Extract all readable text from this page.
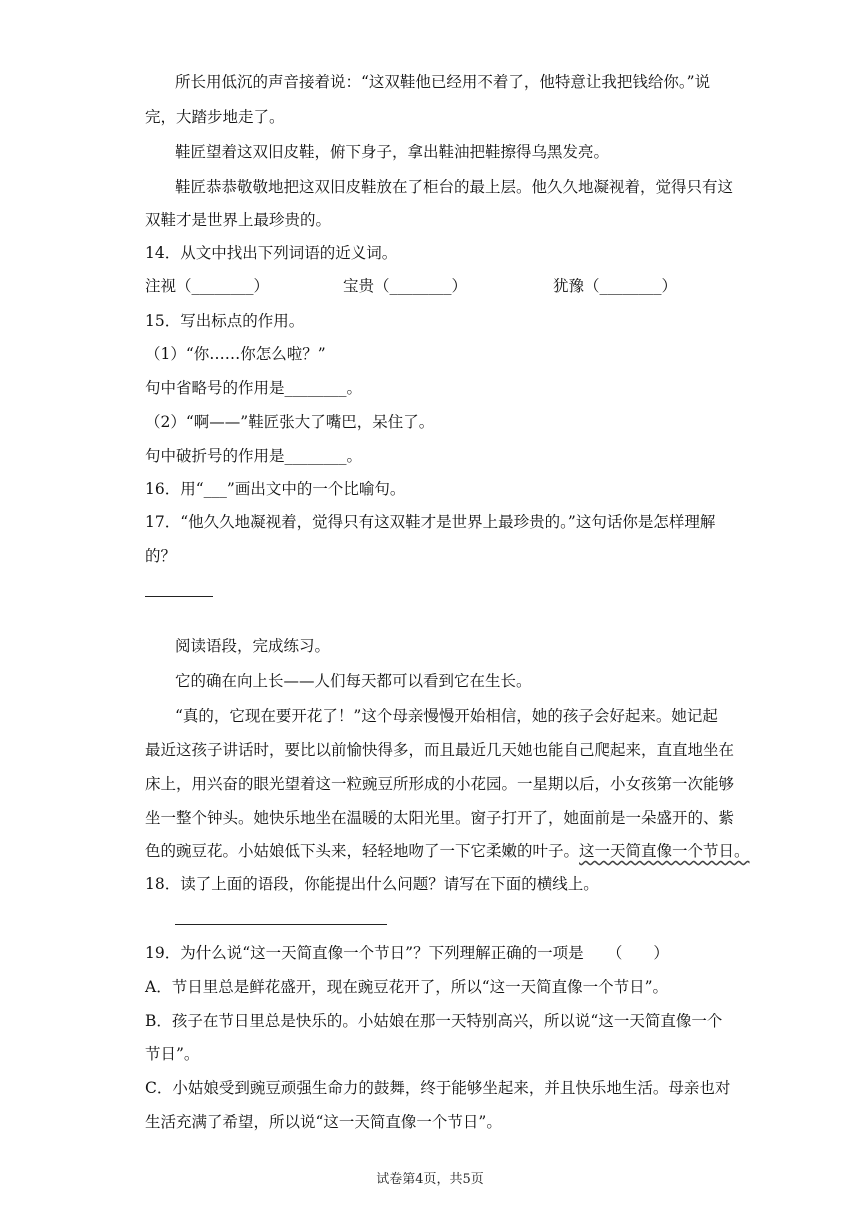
所长用低沉的声音接着说：“这双鞋他已经用不着了，他特意让我把钱给你。”说
完，大踏步地走了。
鞋匠望着这双旧皮鞋，俯下身子，拿出鞋油把鞋擦得乌黑发亮。
鞋匠恭恭敬敬地把这双旧皮鞋放在了柜台的最上层。他久久地凝视着，觉得只有这
双鞋才是世界上最珍贵的。
14．从文中找出下列词语的近义词。
注视（________）	宝贵（________）	犹豫（________）
15．写出标点的作用。
（1）“你……你怎么啦？”
句中省略号的作用是________。
（2）“啊——”鞋匠张大了嘴巴，呆住了。
句中破折号的作用是________。
16．用“___”画出文中的一个比喻句。
17．“他久久地凝视着，觉得只有这双鞋才是世界上最珍贵的。”这句话你是怎样理解
的？
阅读语段，完成练习。
它的确在向上长——人们每天都可以看到它在生长。
“真的，它现在要开花了！”这个母亲慢慢开始相信，她的孩子会好起来。她记起
最近这孩子讲话时，要比以前愉快得多，而且最近几天她也能自己爬起来，直直地坐在
床上，用兴奋的眼光望着这一粒豌豆所形成的小花园。一星期以后，小女孩第一次能够
坐一整个钟头。她快乐地坐在温暖的太阳光里。窗子打开了，她面前是一朵盛开的、紫
色的豌豆花。小姑娘低下头来，轻轻地吻了一下它柔嫩的叶子。这一天简直像一个节日。
18．读了上面的语段，你能提出什么问题？请写在下面的横线上。
19．为什么说“这一天简直像一个节日”？下列理解正确的一项是　　（　　）
A．节日里总是鲜花盛开，现在豌豆花开了，所以“这一天简直像一个节日”。
B．孩子在节日里总是快乐的。小姑娘在那一天特别高兴，所以说“这一天简直像一个
节日”。
C．小姑娘受到豌豆顽强生命力的鼓舞，终于能够坐起来，并且快乐地生活。母亲也对
生活充满了希望，所以说“这一天简直像一个节日”。
试卷第4页，共5页
